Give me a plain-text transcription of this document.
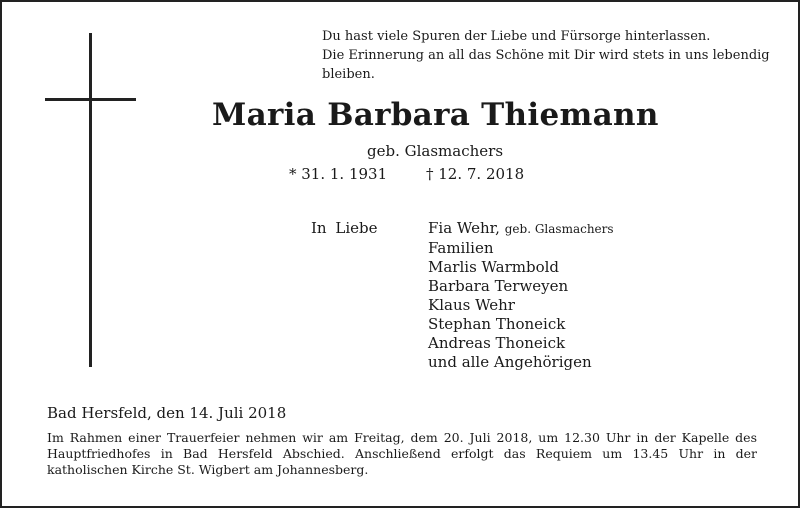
Du hast viele Spuren der Liebe und Fürsorge hinterlassen.
Die Erinnerung an all das Schöne mit Dir wird stets in uns lebendig bleiben.
Maria Barbara Thiemann
geb. Glasmachers
* 31. 1. 1931	† 12. 7. 2018
In Liebe	Fia Wehr, geb. Glasmachers
Familien
Marlis Warmbold
Barbara Terweyen
Klaus Wehr
Stephan Thoneick
Andreas Thoneick
und alle Angehörigen
Bad Hersfeld, den 14. Juli 2018
Im Rahmen einer Trauerfeier nehmen wir am Freitag, dem 20. Juli 2018, um 12.30 Uhr in der Kapelle des Hauptfriedhofes in Bad Hersfeld Abschied. Anschließend erfolgt das Requiem um 13.45 Uhr in der katholischen Kirche St. Wigbert am Johannesberg.
